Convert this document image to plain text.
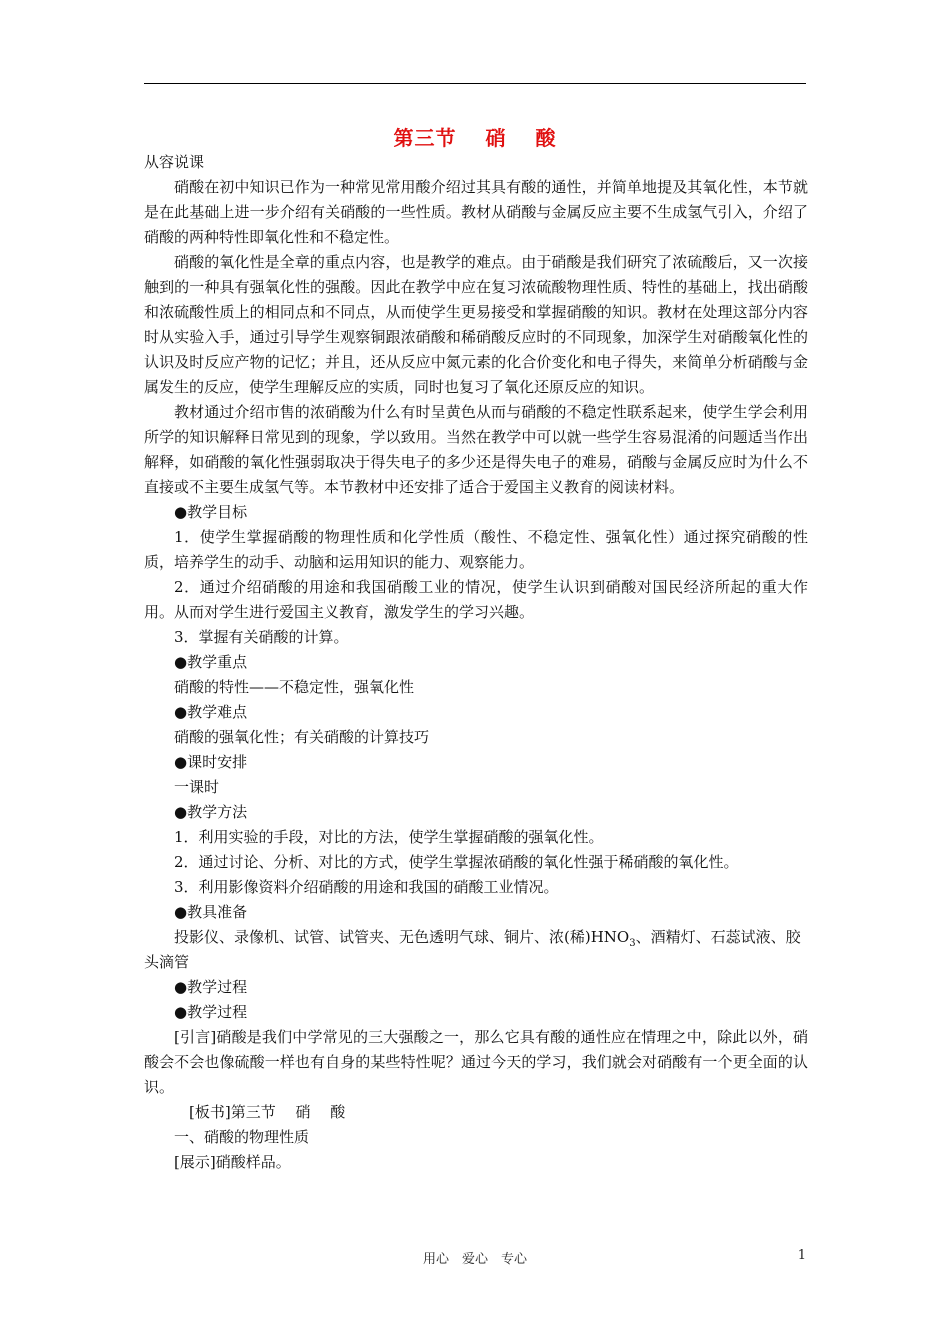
第三节　 硝　 酸

从容说课

硝酸在初中知识已作为一种常见常用酸介绍过其具有酸的通性，并简单地提及其氧化性，本节就是在此基础上进一步介绍有关硝酸的一些性质。教材从硝酸与金属反应主要不生成氢气引入，介绍了硝酸的两种特性即氧化性和不稳定性。

硝酸的氧化性是全章的重点内容，也是教学的难点。由于硝酸是我们研究了浓硫酸后，又一次接触到的一种具有强氧化性的强酸。因此在教学中应在复习浓硫酸物理性质、特性的基础上，找出硝酸和浓硫酸性质上的相同点和不同点，从而使学生更易接受和掌握硝酸的知识。教材在处理这部分内容时从实验入手，通过引导学生观察铜跟浓硝酸和稀硝酸反应时的不同现象，加深学生对硝酸氧化性的认识及时反应产物的记忆；并且，还从反应中氮元素的化合价变化和电子得失，来简单分析硝酸与金属发生的反应，使学生理解反应的实质，同时也复习了氧化还原反应的知识。

教材通过介绍市售的浓硝酸为什么有时呈黄色从而与硝酸的不稳定性联系起来，使学生学会利用所学的知识解释日常见到的现象，学以致用。当然在教学中可以就一些学生容易混淆的问题适当作出解释，如硝酸的氧化性强弱取决于得失电子的多少还是得失电子的难易，硝酸与金属反应时为什么不直接或不主要生成氢气等。本节教材中还安排了适合于爱国主义教育的阅读材料。

●教学目标

1．使学生掌握硝酸的物理性质和化学性质（酸性、不稳定性、强氧化性）通过探究硝酸的性质，培养学生的动手、动脑和运用知识的能力、观察能力。

2．通过介绍硝酸的用途和我国硝酸工业的情况，使学生认识到硝酸对国民经济所起的重大作用。从而对学生进行爱国主义教育，激发学生的学习兴趣。

3．掌握有关硝酸的计算。

●教学重点

硝酸的特性——不稳定性，强氧化性

●教学难点

硝酸的强氧化性；有关硝酸的计算技巧

●课时安排

一课时

●教学方法

1．利用实验的手段，对比的方法，使学生掌握硝酸的强氧化性。

2．通过讨论、分析、对比的方式，使学生掌握浓硝酸的氧化性强于稀硝酸的氧化性。

3．利用影像资料介绍硝酸的用途和我国的硝酸工业情况。

●教具准备

投影仪、录像机、试管、试管夹、无色透明气球、铜片、浓(稀)$HNO_3$、酒精灯、石蕊试液、胶头滴管

●教学过程

●教学过程

[引言]硝酸是我们中学常见的三大强酸之一，那么它具有酸的通性应在情理之中，除此以外，硝酸会不会也像硫酸一样也有自身的某些特性呢？通过今天的学习，我们就会对硝酸有一个更全面的认识。

[板书]第三节　 硝　 酸

一、硝酸的物理性质

[展示]硝酸样品。

用心　爱心　专心	1
